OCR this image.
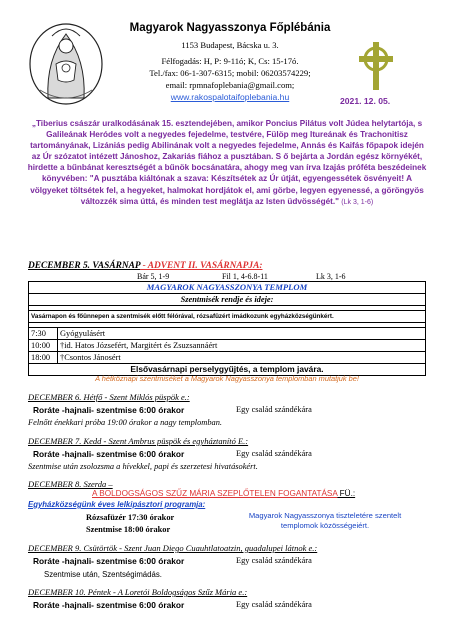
Magyarok Nagyasszonya Főplébánia
1153 Budapest, Bácska u. 3.
Félfogadás: H, P: 9-11ó; K, Cs: 15-17ó.
Tel./fax: 06-1-307-6315; mobil: 06203574229;
email: rpmnafoplebania@gmail.com;
www.rakospalotaifoplebania.hu	2021. 12. 05.
„Tiberius császár uralkodásának 15. esztendejében, amikor Poncius Pilátus volt Júdea helytartója, s Galileának Heródes volt a negyedes fejedelme, testvére, Fülöp meg Itureának és Trachonitisz tartományának, Lizániás pedig Abilinának volt a negyedes fejedelme, Annás és Kaifás főpapok idején az Úr szózatot intézett Jánoshoz, Zakariás fiához a pusztában. S ő bejárta a Jordán egész környékét, hirdette a bűnbánat keresztségét a bűnök bocsánatára, ahogy meg van írva Izajás próféta beszédeinek könyvében: "A pusztába kiáltónak a szava: Készítsétek az Úr útját, egyengessétek ösvényeit! A völgyeket töltsétek fel, a hegyeket, halmokat hordjátok el, ami görbe, legyen egyenessé, a göröngyös változzék sima úttá, és minden test meglátja az Isten üdvösségét." (Lk 3, 1-6)
DECEMBER 5. VASÁRNAP - ADVENT II. VASÁRNAPJA:
Bár 5, 1-9	Fil 1, 4-6.8-11	Lk 3, 1-6
MAGYAROK NAGYASSZONYA TEMPLOM	
Szentmisék rendje és ideje:	

Vasárnapon és főünnepen a szentmisék előtt félórával, rózsafüzért imádkozunk egyházközségünkért.	

7:30	Gyógyulásért
10:00	†id. Hatos Józsefért, Margitért és Zsuzsannáért
18:00	†Csontos Jánosért
Elsővasárnapi perselygyűjtés, a templom javára.	
A hétköznapi szentmiséket a Magyarok Nagyasszonya templomban mutatjuk be!
DECEMBER 6. Hétfő - Szent Miklós püspök e.:
Roráte -hajnali- szentmise 6:00 órakor	Egy család szándékára
Felnőtt énekkari próba 19:00 órakor a nagy templomban.
DECEMBER 7. Kedd - Szent Ambrus püspök és egyháztanító E.:
Roráte -hajnali- szentmise 6:00 órakor	Egy család szándékára
Szentmise után zsolozsma a hívekkel, papi és szerzetesi hivatásokért.
DECEMBER 8. Szerda –
A BOLDOGSÁGOS SZŰZ MÁRIA SZEPLŐTELEN FOGANTATÁSA FÜ.:
Egyházközségünk éves lelkipásztori programja:
Rózsafüzér 17:30 órakor
Szentmise 18:00 órakor
Magyarok Nagyasszonya tiszteletére szentelt templomok közösségeiért.
DECEMBER 9. Csütörtök - Szent Juan Diego Cuauhtlatoatzin, guadalupei látnok e.:
Roráte -hajnali- szentmise 6:00 órakor	Egy család szándékára
Szentmise után, Szentségimádás.
DECEMBER 10. Péntek - A Loretói Boldogságos Szűz Mária e.:
Roráte -hajnali- szentmise 6:00 órakor	Egy család szándékára
